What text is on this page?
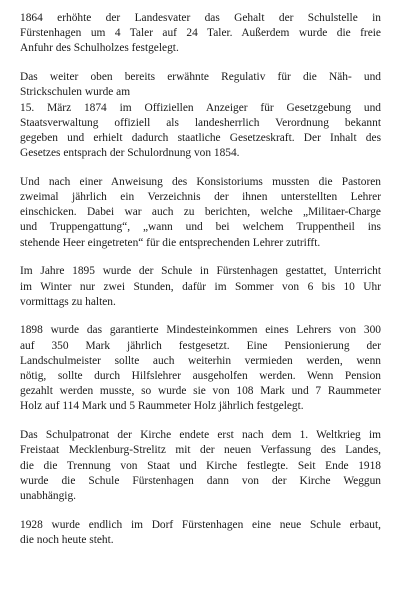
1864 erhöhte der Landesvater das Gehalt der Schulstelle in
Fürstenhagen um 4 Taler auf 24 Taler. Außerdem wurde die freie
Anfuhr des Schulholzes festgelegt.

Das weiter oben bereits erwähnte Regulativ für die Näh- und
Strickschulen wurde am
15. März 1874 im Offiziellen Anzeiger für Gesetzgebung und
Staatsverwaltung offiziell als landesherrlich Verordnung bekannt
gegeben und erhielt dadurch staatliche Gesetzeskraft. Der Inhalt des
Gesetzes entsprach der Schulordnung von 1854.

Und nach einer Anweisung des Konsistoriums mussten die Pastoren
zweimal jährlich ein Verzeichnis der ihnen unterstellten Lehrer
einschicken. Dabei war auch zu berichten, welche „Militaer-Charge
und Truppengattung“, „wann und bei welchem Truppentheil ins
stehende Heer eingetreten“ für die entsprechenden Lehrer zutrifft.

Im Jahre 1895 wurde der Schule in Fürstenhagen gestattet, Unterricht
im Winter nur zwei Stunden, dafür im Sommer von 6 bis 10 Uhr
vormittags zu halten.

1898 wurde das garantierte Mindesteinkommen eines Lehrers von 300
auf 350 Mark jährlich festgesetzt. Eine Pensionierung der
Landschulmeister sollte auch weiterhin vermieden werden, wenn
nötig, sollte durch Hilfslehrer ausgeholfen werden. Wenn Pension
gezahlt werden musste, so wurde sie von 108 Mark und 7 Raummeter
Holz auf 114 Mark und 5 Raummeter Holz jährlich festgelegt.

Das Schulpatronat der Kirche endete erst nach dem 1. Weltkrieg im
Freistaat Mecklenburg-Strelitz mit der neuen Verfassung des Landes,
die die Trennung von Staat und Kirche festlegte. Seit Ende 1918
wurde die Schule Fürstenhagen dann von der Kirche Weggun
unabhängig.

1928 wurde endlich im Dorf Fürstenhagen eine neue Schule erbaut,
die noch heute steht.
